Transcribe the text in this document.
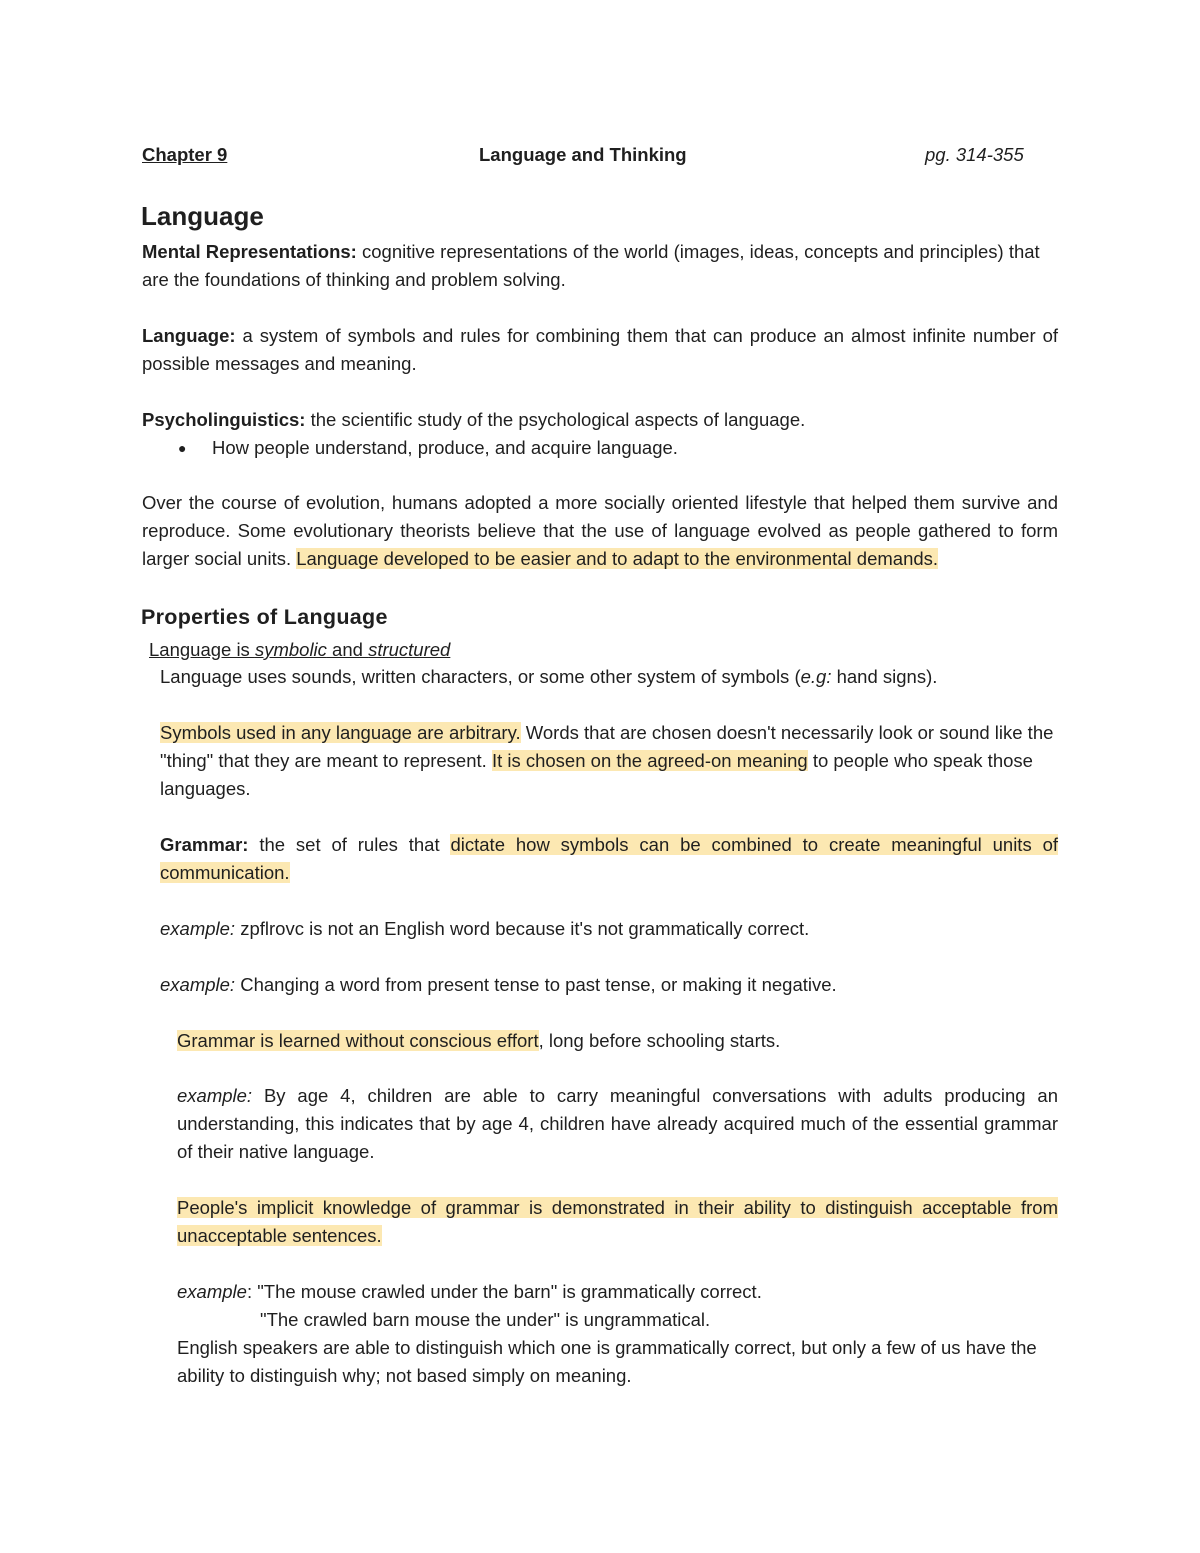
Chapter 9	Language and Thinking	pg. 314-355
Language

Mental Representations: cognitive representations of the world (images, ideas, concepts and principles) that are the foundations of thinking and problem solving.

Language: a system of symbols and rules for combining them that can produce an almost infinite number of possible messages and meaning.

Psycholinguistics: the scientific study of the psychological aspects of language.

●	How people understand, produce, and acquire language.

Over the course of evolution, humans adopted a more socially oriented lifestyle that helped them survive and reproduce. Some evolutionary theorists believe that the use of language evolved as people gathered to form larger social units. Language developed to be easier and to adapt to the environmental demands.

Properties of Language

Language is symbolic and structured

Language uses sounds, written characters, or some other system of symbols (e.g: hand signs).

Symbols used in any language are arbitrary. Words that are chosen doesn't necessarily look or sound like the "thing" that they are meant to represent. It is chosen on the agreed-on meaning to people who speak those languages.

Grammar: the set of rules that dictate how symbols can be combined to create meaningful units of communication.

example: zpflrovc is not an English word because it's not grammatically correct.

example: Changing a word from present tense to past tense, or making it negative.

Grammar is learned without conscious effort, long before schooling starts.

example: By age 4, children are able to carry meaningful conversations with adults producing an understanding, this indicates that by age 4, children have already acquired much of the essential grammar of their native language.

People's implicit knowledge of grammar is demonstrated in their ability to distinguish acceptable from unacceptable sentences.

example: "The mouse crawled under the barn" is grammatically correct.

"The crawled barn mouse the under" is ungrammatical.

English speakers are able to distinguish which one is grammatically correct, but only a few of us have the ability to distinguish why; not based simply on meaning.
